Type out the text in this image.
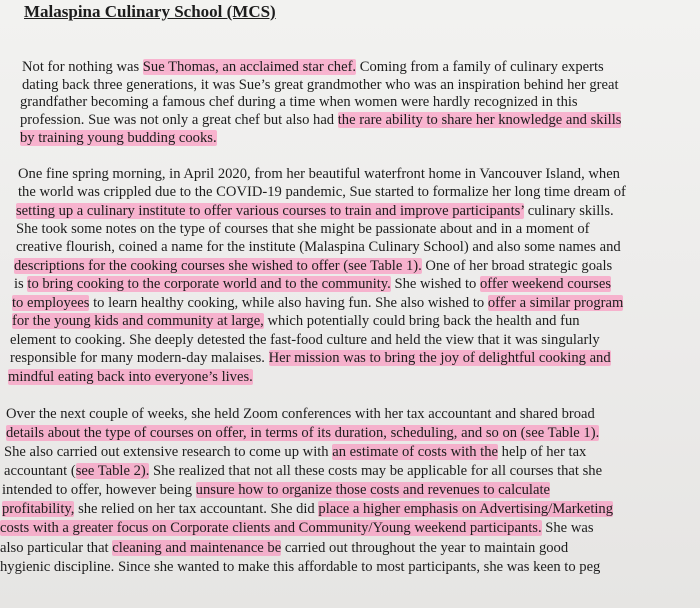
Malaspina Culinary School (MCS)
Not for nothing was Sue Thomas, an acclaimed star chef. Coming from a family of culinary experts
dating back three generations, it was Sue’s great grandmother who was an inspiration behind her great
grandfather becoming a famous chef during a time when women were hardly recognized in this
profession. Sue was not only a great chef but also had the rare ability to share her knowledge and skills
by training young budding cooks.
One fine spring morning, in April 2020, from her beautiful waterfront home in Vancouver Island, when
the world was crippled due to the COVID-19 pandemic, Sue started to formalize her long time dream of
setting up a culinary institute to offer various courses to train and improve participants’ culinary skills.
She took some notes on the type of courses that she might be passionate about and in a moment of
creative flourish, coined a name for the institute (Malaspina Culinary School) and also some names and
descriptions for the cooking courses she wished to offer (see Table 1). One of her broad strategic goals
is to bring cooking to the corporate world and to the community. She wished to offer weekend courses
to employees to learn healthy cooking, while also having fun. She also wished to offer a similar program
for the young kids and community at large, which potentially could bring back the health and fun
element to cooking. She deeply detested the fast-food culture and held the view that it was singularly
responsible for many modern-day malaises. Her mission was to bring the joy of delightful cooking and
mindful eating back into everyone’s lives.
Over the next couple of weeks, she held Zoom conferences with her tax accountant and shared broad
details about the type of courses on offer, in terms of its duration, scheduling, and so on (see Table 1).
She also carried out extensive research to come up with an estimate of costs with the help of her tax
accountant (see Table 2). She realized that not all these costs may be applicable for all courses that she
intended to offer, however being unsure how to organize those costs and revenues to calculate
profitability, she relied on her tax accountant. She did place a higher emphasis on Advertising/Marketing
costs with a greater focus on Corporate clients and Community/Young weekend participants. She was
also particular that cleaning and maintenance be carried out throughout the year to maintain good
hygienic discipline. Since she wanted to make this affordable to most participants, she was keen to peg
